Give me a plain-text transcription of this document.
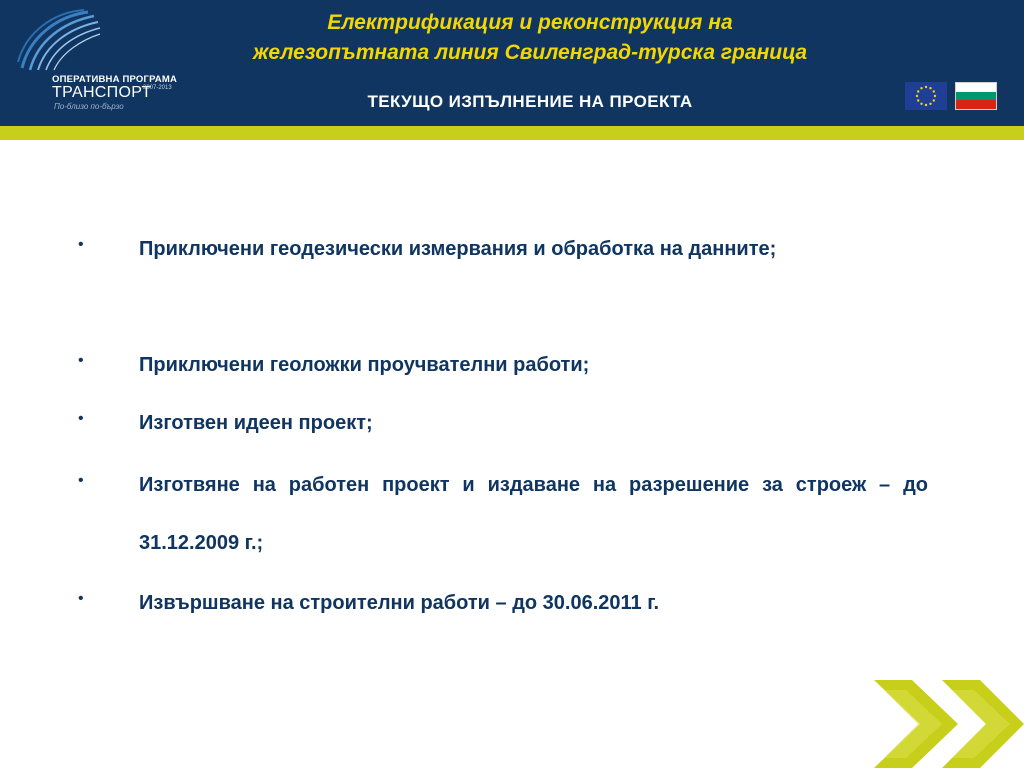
ОПЕРАТИВНА ПРОГРАМА
ТРАНСПОРТ
2007-2013
По-близо по-бързо
Електрификация и реконструкция на
железопътната линия Свиленград-турска граница
ТЕКУЩО ИЗПЪЛНЕНИЕ НА ПРОЕКТА
•	Приключени геодезически измервания и обработка на данните;
•	Приключени геоложки проучвателни работи;
•	Изготвен идеен проект;
•	Изготвяне на работен проект и издаване на разрешение за строеж – до 31.12.2009 г.;
•	Извършване на строителни работи – до 30.06.2011 г.
